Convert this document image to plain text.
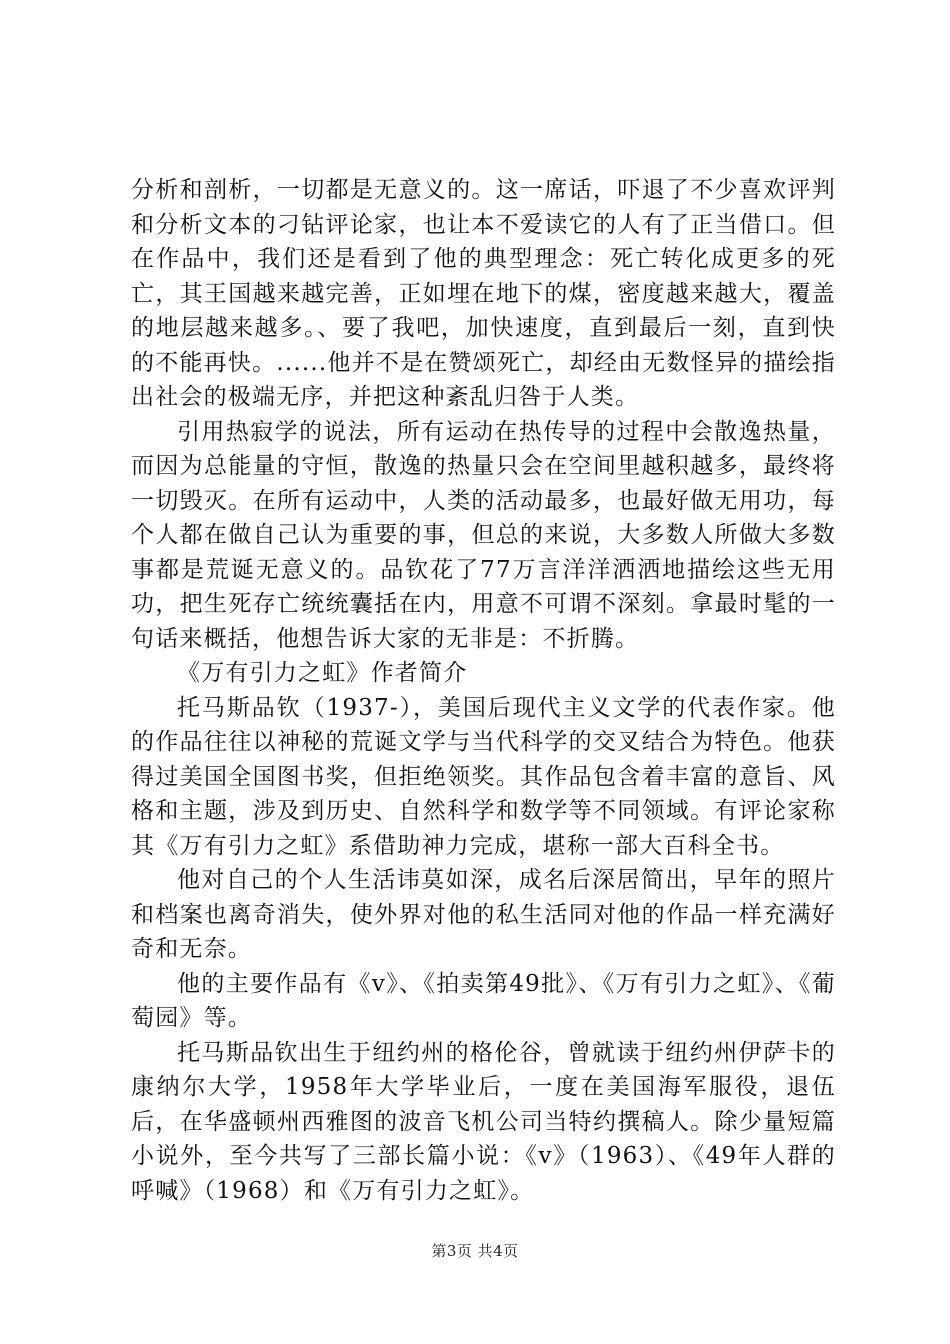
分析和剖析，一切都是无意义的。这一席话，吓退了不少喜欢评判和分析文本的刁钻评论家，也让本不爱读它的人有了正当借口。但在作品中，我们还是看到了他的典型理念：死亡转化成更多的死亡，其王国越来越完善，正如埋在地下的煤，密度越来越大，覆盖的地层越来越多。、要了我吧，加快速度，直到最后一刻，直到快的不能再快。......他并不是在赞颂死亡，却经由无数怪异的描绘指出社会的极端无序，并把这种紊乱归咎于人类。

引用热寂学的说法，所有运动在热传导的过程中会散逸热量，而因为总能量的守恒，散逸的热量只会在空间里越积越多，最终将一切毁灭。在所有运动中，人类的活动最多，也最好做无用功，每个人都在做自己认为重要的事，但总的来说，大多数人所做大多数事都是荒诞无意义的。品钦花了77万言洋洋洒洒地描绘这些无用功，把生死存亡统统囊括在内，用意不可谓不深刻。拿最时髦的一句话来概括，他想告诉大家的无非是：不折腾。

《万有引力之虹》作者简介

托马斯品钦（1937-），美国后现代主义文学的代表作家。他的作品往往以神秘的荒诞文学与当代科学的交叉结合为特色。他获得过美国全国图书奖，但拒绝领奖。其作品包含着丰富的意旨、风格和主题，涉及到历史、自然科学和数学等不同领域。有评论家称其《万有引力之虹》系借助神力完成，堪称一部大百科全书。

他对自己的个人生活讳莫如深，成名后深居简出，早年的照片和档案也离奇消失，使外界对他的私生活同对他的作品一样充满好奇和无奈。

他的主要作品有《v》、《拍卖第49批》、《万有引力之虹》、《葡萄园》等。

托马斯品钦出生于纽约州的格伦谷，曾就读于纽约州伊萨卡的康纳尔大学，1958年大学毕业后，一度在美国海军服役，退伍后，在华盛顿州西雅图的波音飞机公司当特约撰稿人。除少量短篇小说外，至今共写了三部长篇小说：《v》（1963）、《49年人群的呼喊》（1968）和《万有引力之虹》。

第3页 共4页
